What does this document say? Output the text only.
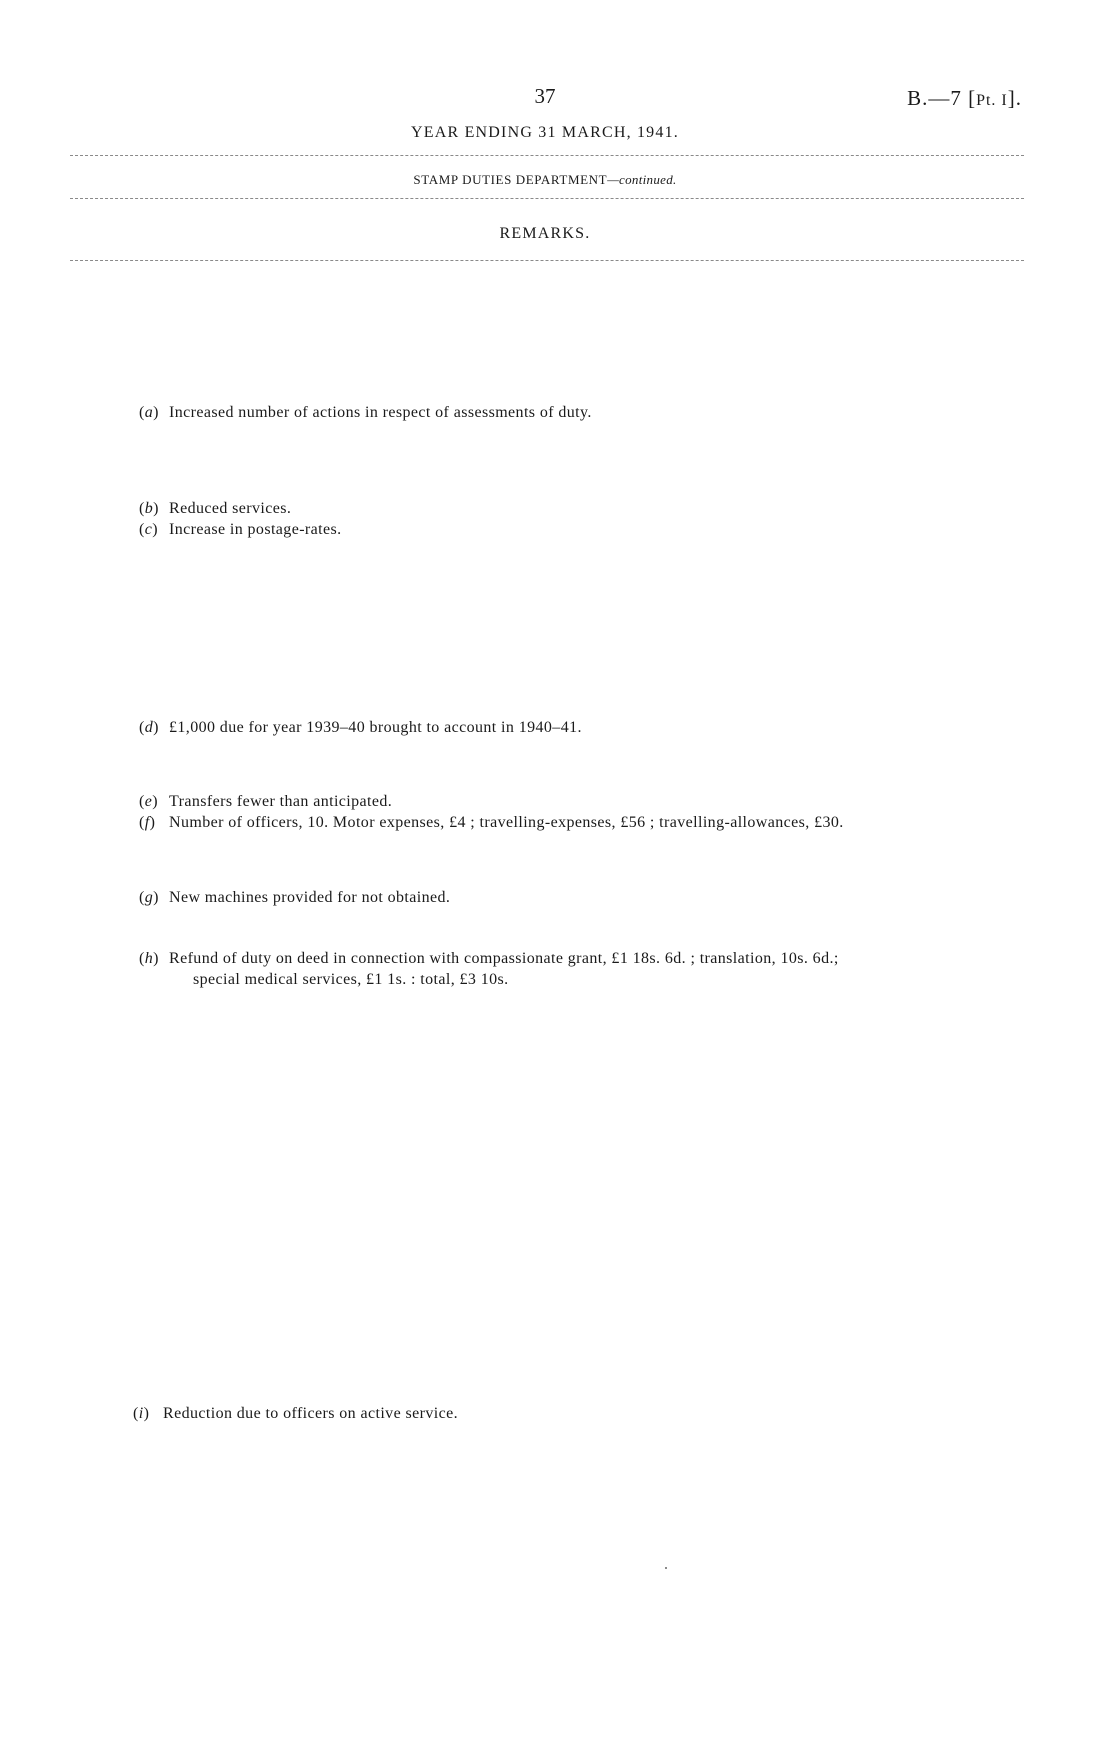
37	B.—7 [Pt. I].
YEAR ENDING 31 MARCH, 1941.
STAMP DUTIES DEPARTMENT—continued.
REMARKS.
(a) Increased number of actions in respect of assessments of duty.
(b) Reduced services.
(c) Increase in postage-rates.
(d) £1,000 due for year 1939–40 brought to account in 1940–41.
(e) Transfers fewer than anticipated.
(f) Number of officers, 10. Motor expenses, £4 ; travelling-expenses, £56 ; travelling-allowances, £30.
(g) New machines provided for not obtained.
(h) Refund of duty on deed in connection with compassionate grant, £1 18s. 6d. ; translation, 10s. 6d.;
special medical services, £1 1s. : total, £3 10s.
(i) Reduction due to officers on active service.
